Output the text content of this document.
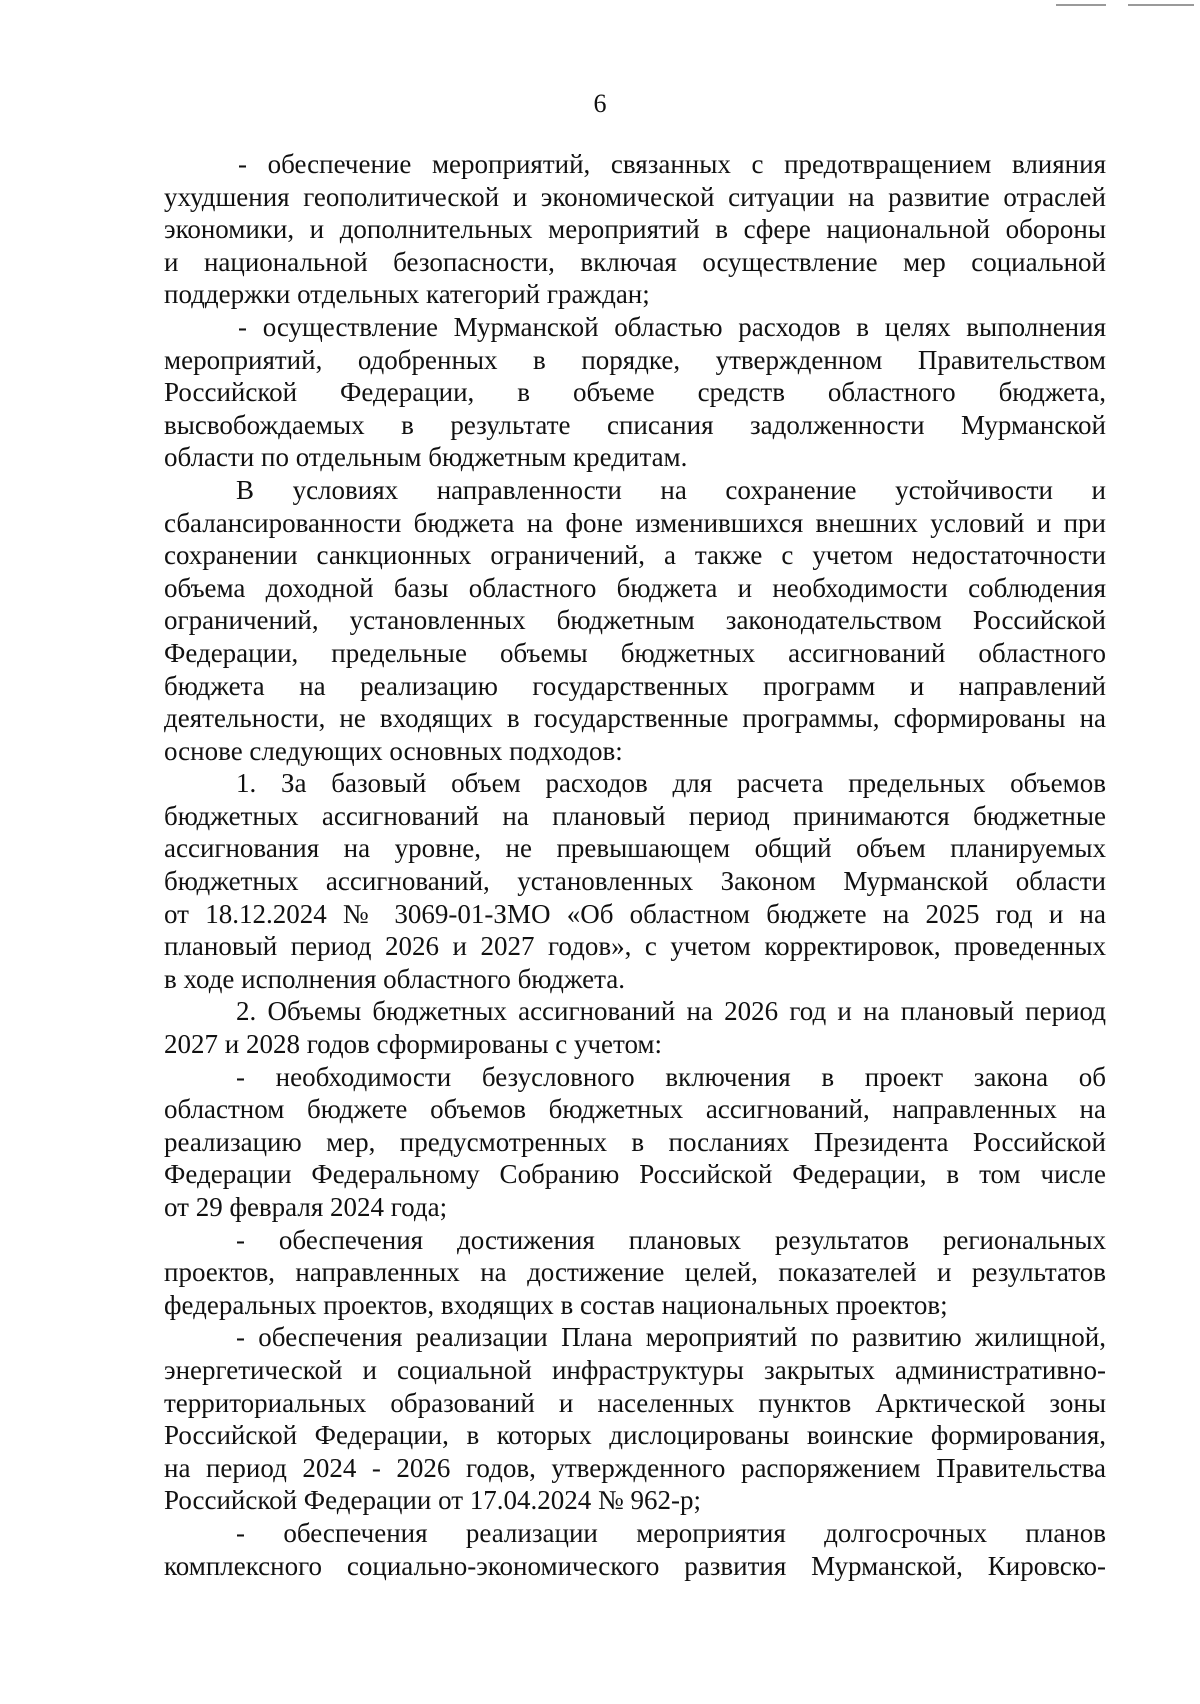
6
- обеспечение мероприятий, связанных с предотвращением влияния
ухудшения геополитической и экономической ситуации на развитие отраслей
экономики, и дополнительных мероприятий в сфере национальной обороны
и национальной безопасности, включая осуществление мер социальной
поддержки отдельных категорий граждан;
- осуществление Мурманской областью расходов в целях выполнения
мероприятий, одобренных в порядке, утвержденном Правительством
Российской Федерации, в объеме средств областного бюджета,
высвобождаемых в результате списания задолженности Мурманской
области по отдельным бюджетным кредитам.
В условиях направленности на сохранение устойчивости и
сбалансированности бюджета на фоне изменившихся внешних условий и при
сохранении санкционных ограничений, а также с учетом недостаточности
объема доходной базы областного бюджета и необходимости соблюдения
ограничений, установленных бюджетным законодательством Российской
Федерации, предельные объемы бюджетных ассигнований областного
бюджета на реализацию государственных программ и направлений
деятельности, не входящих в государственные программы, сформированы на
основе следующих основных подходов:
1. За базовый объем расходов для расчета предельных объемов
бюджетных ассигнований на плановый период принимаются бюджетные
ассигнования на уровне, не превышающем общий объем планируемых
бюджетных ассигнований, установленных Законом Мурманской области
от 18.12.2024 № 3069-01-ЗМО «Об областном бюджете на 2025 год и на
плановый период 2026 и 2027 годов», с учетом корректировок, проведенных
в ходе исполнения областного бюджета.
2. Объемы бюджетных ассигнований на 2026 год и на плановый период
2027 и 2028 годов сформированы с учетом:
- необходимости безусловного включения в проект закона об
областном бюджете объемов бюджетных ассигнований, направленных на
реализацию мер, предусмотренных в посланиях Президента Российской
Федерации Федеральному Собранию Российской Федерации, в том числе
от 29 февраля 2024 года;
- обеспечения достижения плановых результатов региональных
проектов, направленных на достижение целей, показателей и результатов
федеральных проектов, входящих в состав национальных проектов;
- обеспечения реализации Плана мероприятий по развитию жилищной,
энергетической и социальной инфраструктуры закрытых административно-
территориальных образований и населенных пунктов Арктической зоны
Российской Федерации, в которых дислоцированы воинские формирования,
на период 2024 - 2026 годов, утвержденного распоряжением Правительства
Российской Федерации от 17.04.2024 № 962-р;
- обеспечения реализации мероприятия долгосрочных планов
комплексного социально-экономического развития Мурманской, Кировско-
